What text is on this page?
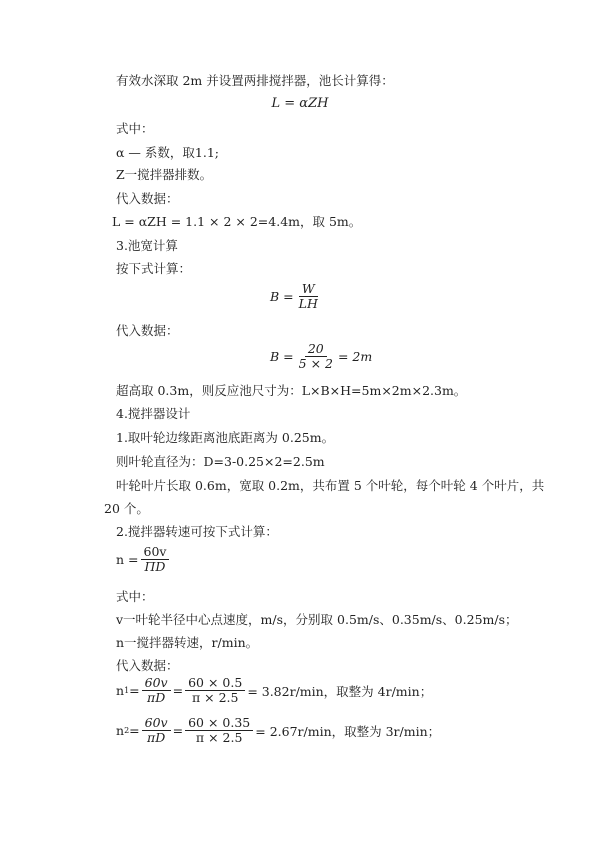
有效水深取 2m 并设置两排搅拌器，池长计算得：
L = αZH
式中：
α — 系数，取1.1;
Z一搅拌器排数。
代入数据：
L = αZH = 1.1 × 2 × 2=4.4m，取 5m。
3.池宽计算
按下式计算：
$B = \frac{W}{LH}$
代入数据：
$B = \frac{20}{5 \times 2} = 2m$
超高取 0.3m，则反应池尺寸为：L×B×H=5m×2m×2.3m。
4.搅拌器设计
1.取叶轮边缘距离池底距离为 0.25m。
则叶轮直径为：D=3-0.25×2=2.5m
叶轮叶片长取 0.6m，宽取 0.2m，共布置 5 个叶轮，每个叶轮 4 个叶片，共
20 个。
2.搅拌器转速可按下式计算：
$n = \frac{60v}{\Pi D}$
式中：
v一叶轮半径中心点速度，m/s，分别取 0.5m/s、0.35m/s、0.25m/s；
n一搅拌器转速，r/min。
代入数据：
n $1 = \frac{60v}{\pi D} = \frac{60 \times 0.5}{\pi \times 2.5} = 3.82r/\min$，取整为 4r/min；
n $2 = \frac{60v}{\pi D} = \frac{60 \times 0.35}{\pi \times 2.5} = 2.67r/\min$，取整为 3r/min；
